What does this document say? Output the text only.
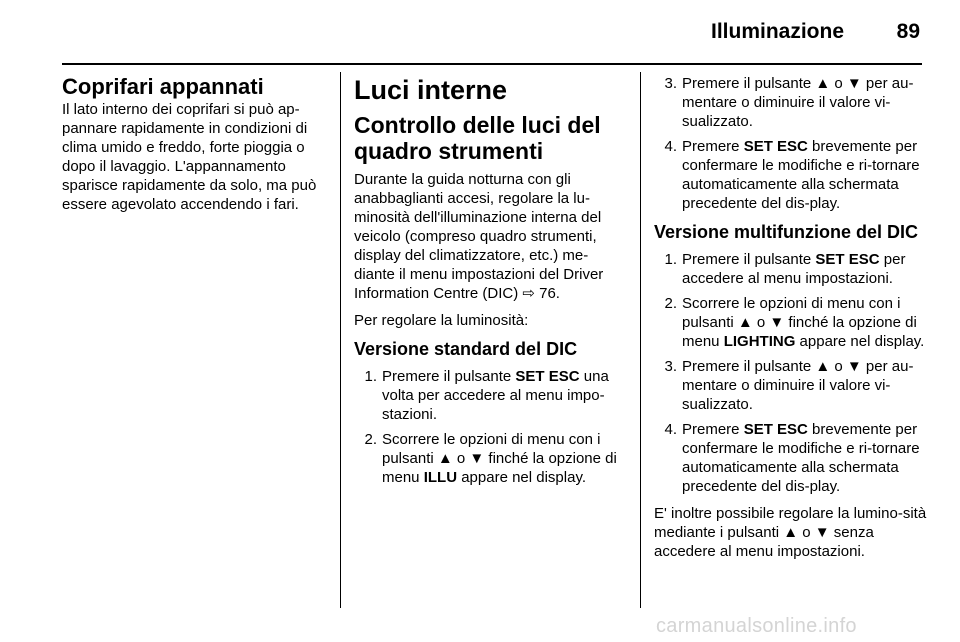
Illuminazione	89
Coprifari appannati

Il lato interno dei coprifari si può ap-pannare rapidamente in condizioni di clima umido e freddo, forte pioggia o dopo il lavaggio. L'appannamento sparisce rapidamente da solo, ma può essere agevolato accendendo i fari.

Luci interne
Controllo delle luci del quadro strumenti

Durante la guida notturna con gli anabbaglianti accesi, regolare la lu-minosità dell'illuminazione interna del veicolo (compreso quadro strumenti, display del climatizzatore, etc.) me-diante il menu impostazioni del Driver Information Centre (DIC) ⇨ 76.

Per regolare la luminosità:

Versione standard del DIC
1. Premere il pulsante SET ESC una volta per accedere al menu impo-stazioni.
2. Scorrere le opzioni di menu con i pulsanti ▲ o ▼ finché la opzione di menu ILLU appare nel display.
3. Premere il pulsante ▲ o ▼ per au-mentare o diminuire il valore vi-sualizzato.
4. Premere SET ESC brevemente per confermare le modifiche e ri-tornare automaticamente alla schermata precedente del dis-play.
Versione multifunzione del DIC
1. Premere il pulsante SET ESC per accedere al menu impostazioni.
2. Scorrere le opzioni di menu con i pulsanti ▲ o ▼ finché la opzione di menu LIGHTING appare nel display.
3. Premere il pulsante ▲ o ▼ per au-mentare o diminuire il valore vi-sualizzato.
4. Premere SET ESC brevemente per confermare le modifiche e ri-tornare automaticamente alla schermata precedente del dis-play.

E' inoltre possibile regolare la lumino-sità mediante i pulsanti ▲ o ▼ senza accedere al menu impostazioni.

carmanualsonline.info
